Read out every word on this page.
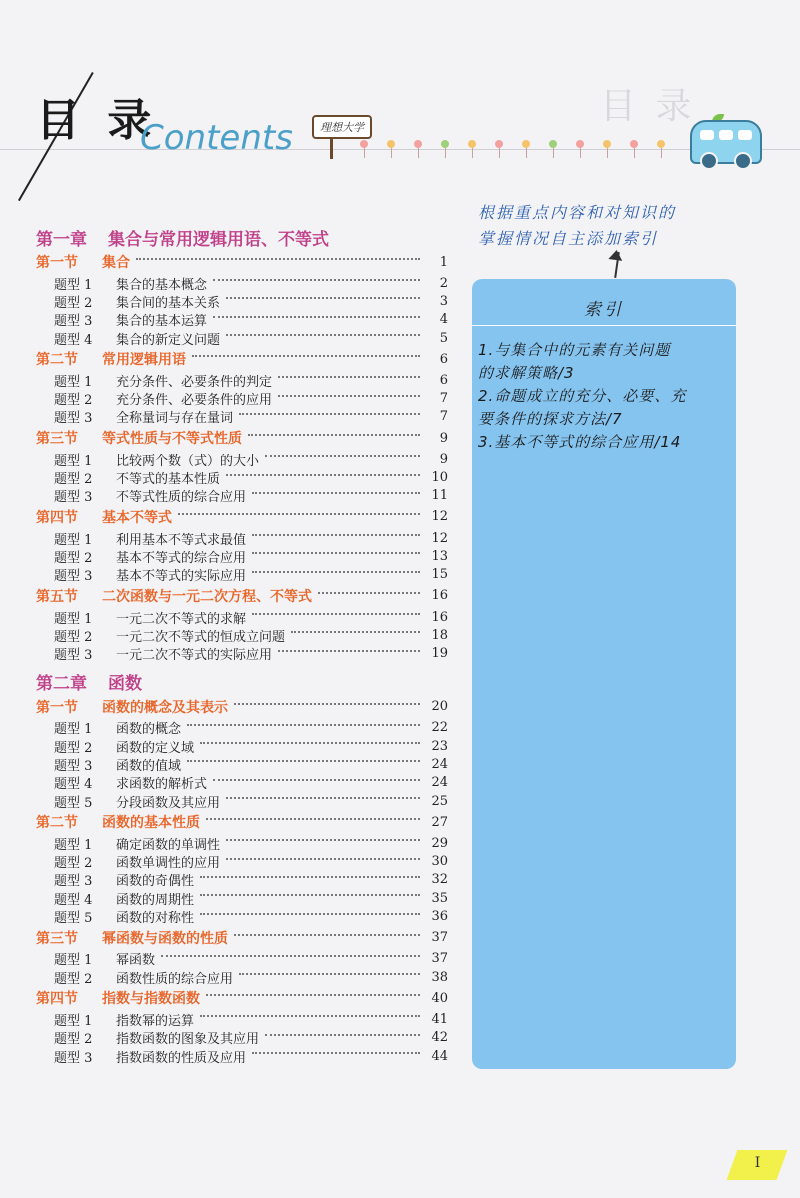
目 录
目 录
Contents	理想大学
第一章	集合与常用逻辑用语、不等式
第一节	集合	1
题型 1	集合的基本概念	2
题型 2	集合间的基本关系	3
题型 3	集合的基本运算	4
题型 4	集合的新定义问题	5
第二节	常用逻辑用语	6
题型 1	充分条件、必要条件的判定	6
题型 2	充分条件、必要条件的应用	7
题型 3	全称量词与存在量词	7
第三节	等式性质与不等式性质	9
题型 1	比较两个数（式）的大小	9
题型 2	不等式的基本性质	10
题型 3	不等式性质的综合应用	11
第四节	基本不等式	12
题型 1	利用基本不等式求最值	12
题型 2	基本不等式的综合应用	13
题型 3	基本不等式的实际应用	15
第五节	二次函数与一元二次方程、不等式	16
题型 1	一元二次不等式的求解	16
题型 2	一元二次不等式的恒成立问题	18
题型 3	一元二次不等式的实际应用	19
第二章	函数
第一节	函数的概念及其表示	20
题型 1	函数的概念	22
题型 2	函数的定义域	23
题型 3	函数的值域	24
题型 4	求函数的解析式	24
题型 5	分段函数及其应用	25
第二节	函数的基本性质	27
题型 1	确定函数的单调性	29
题型 2	函数单调性的应用	30
题型 3	函数的奇偶性	32
题型 4	函数的周期性	35
题型 5	函数的对称性	36
第三节	幂函数与函数的性质	37
题型 1	幂函数	37
题型 2	函数性质的综合应用	38
第四节	指数与指数函数	40
题型 1	指数幂的运算	41
题型 2	指数函数的图象及其应用	42
题型 3	指数函数的性质及应用	44
根据重点内容和对知识的
掌握情况自主添加索引
索引
1.与集合中的元素有关问题
的求解策略/3
2.命题成立的充分、必要、充
要条件的探求方法/7
3.基本不等式的综合应用/14
I
